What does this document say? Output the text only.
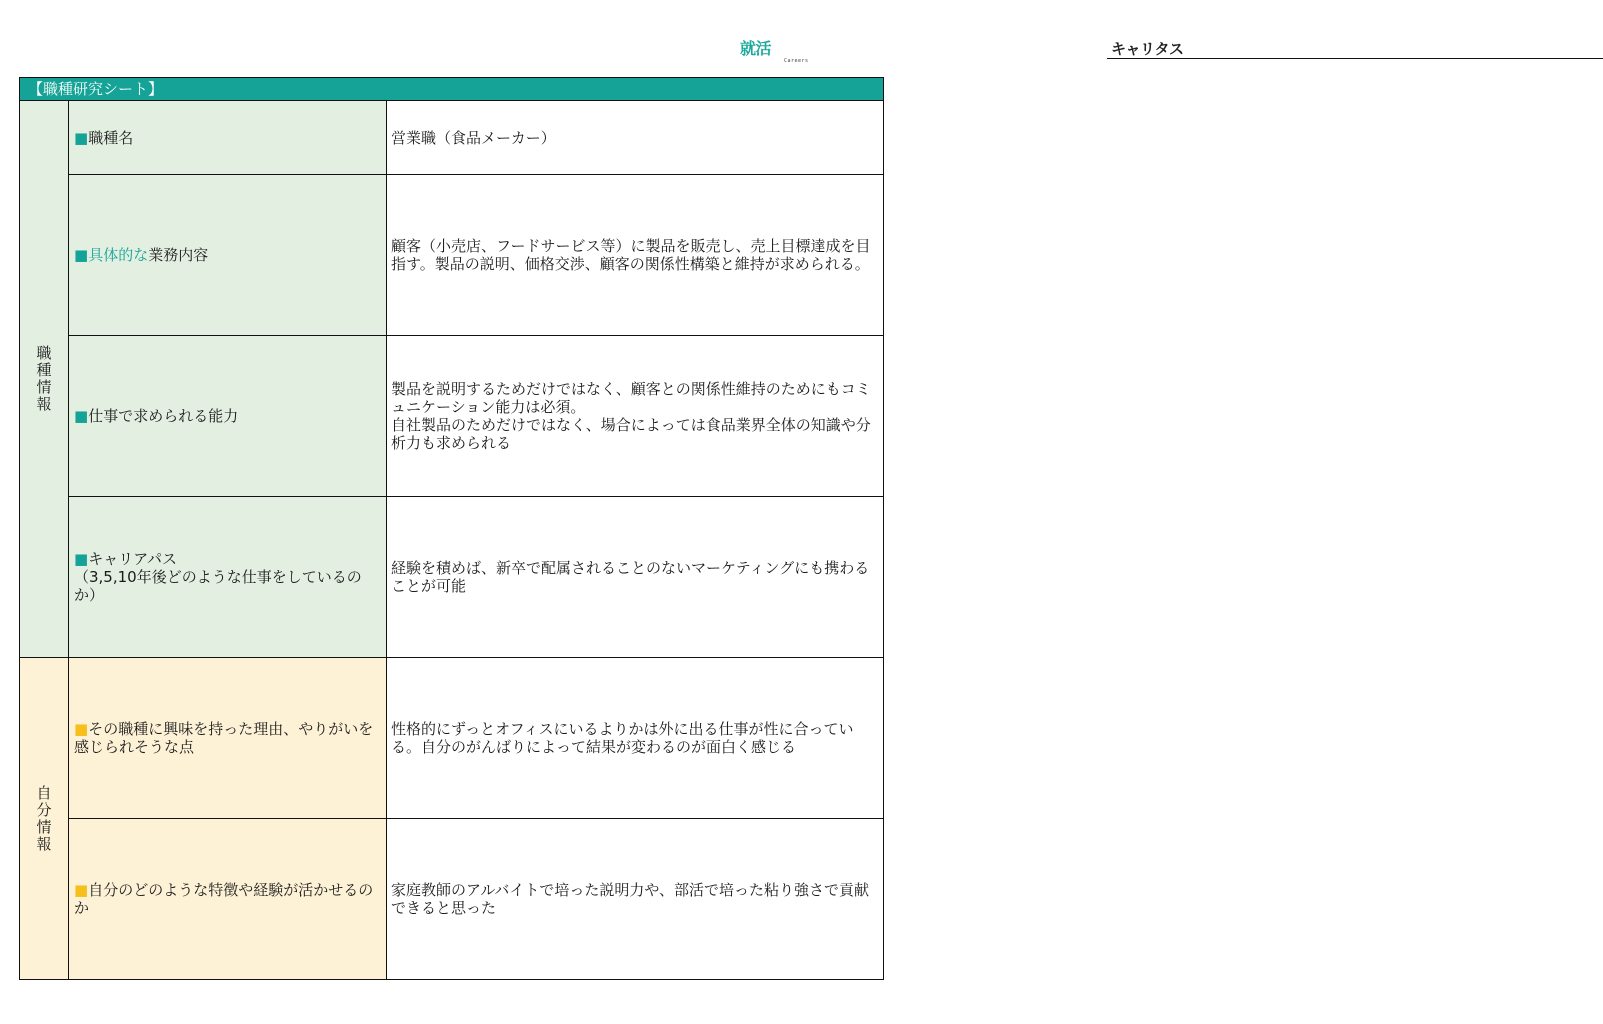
キャリタス
就活
Careers
【職種研究シート】
職種情報
自分情報
■職種名	営業職（食品メーカー）
■具体的な業務内容	顧客（小売店、フードサービス等）に製品を販売し、売上目標達成を目指す。製品の説明、価格交渉、顧客の関係性構築と維持が求められる。
■仕事で求められる能力
製品を説明するためだけではなく、顧客との関係性維持のためにもコミュニケーション能力は必須。
自社製品のためだけではなく、場合によっては食品業界全体の知識や分析力も求められる
■キャリアパス
（3,5,10年後どのような仕事をしているのか）
経験を積めば、新卒で配属されることのないマーケティングにも携わることが可能
■その職種に興味を持った理由、やりがいを感じられそうな点
性格的にずっとオフィスにいるよりかは外に出る仕事が性に合っている。自分のがんばりによって結果が変わるのが面白く感じる
■自分のどのような特徴や経験が活かせるのか
家庭教師のアルバイトで培った説明力や、部活で培った粘り強さで貢献できると思った
